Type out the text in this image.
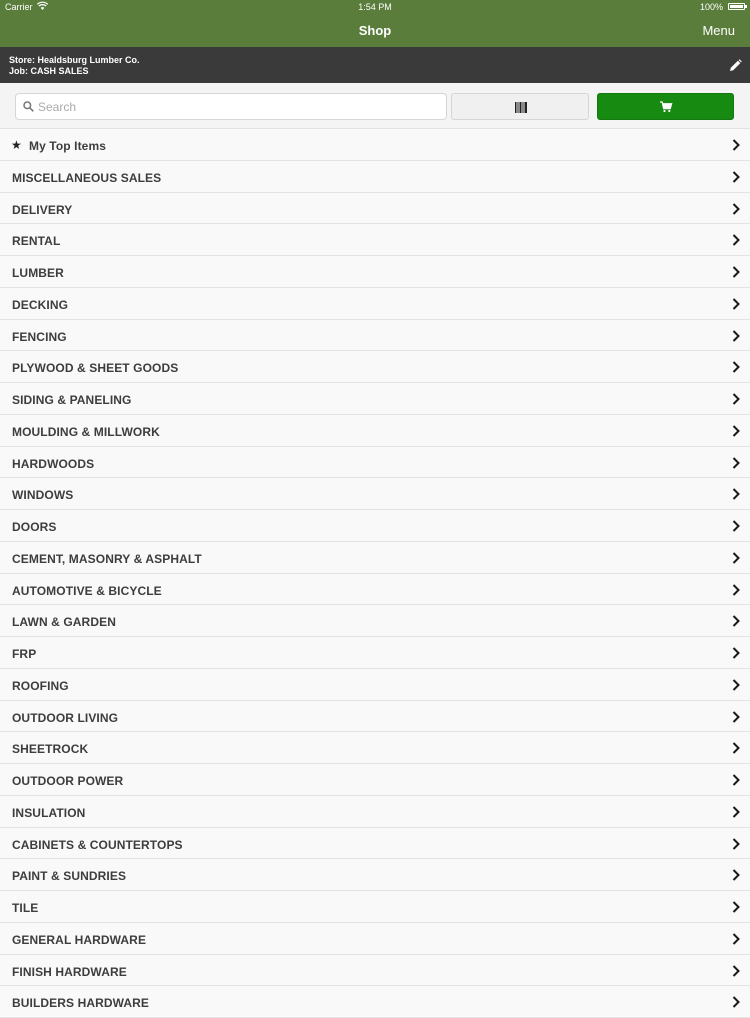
Carrier	1:54 PM	100%
Shop	Menu
Store: Healdsburg Lumber Co.
Job: CASH SALES
Search
★ My Top Items
MISCELLANEOUS SALES
DELIVERY
RENTAL
LUMBER
DECKING
FENCING
PLYWOOD & SHEET GOODS
SIDING & PANELING
MOULDING & MILLWORK
HARDWOODS
WINDOWS
DOORS
CEMENT, MASONRY & ASPHALT
AUTOMOTIVE & BICYCLE
LAWN & GARDEN
FRP
ROOFING
OUTDOOR LIVING
SHEETROCK
OUTDOOR POWER
INSULATION
CABINETS & COUNTERTOPS
PAINT & SUNDRIES
TILE
GENERAL HARDWARE
FINISH HARDWARE
BUILDERS HARDWARE
